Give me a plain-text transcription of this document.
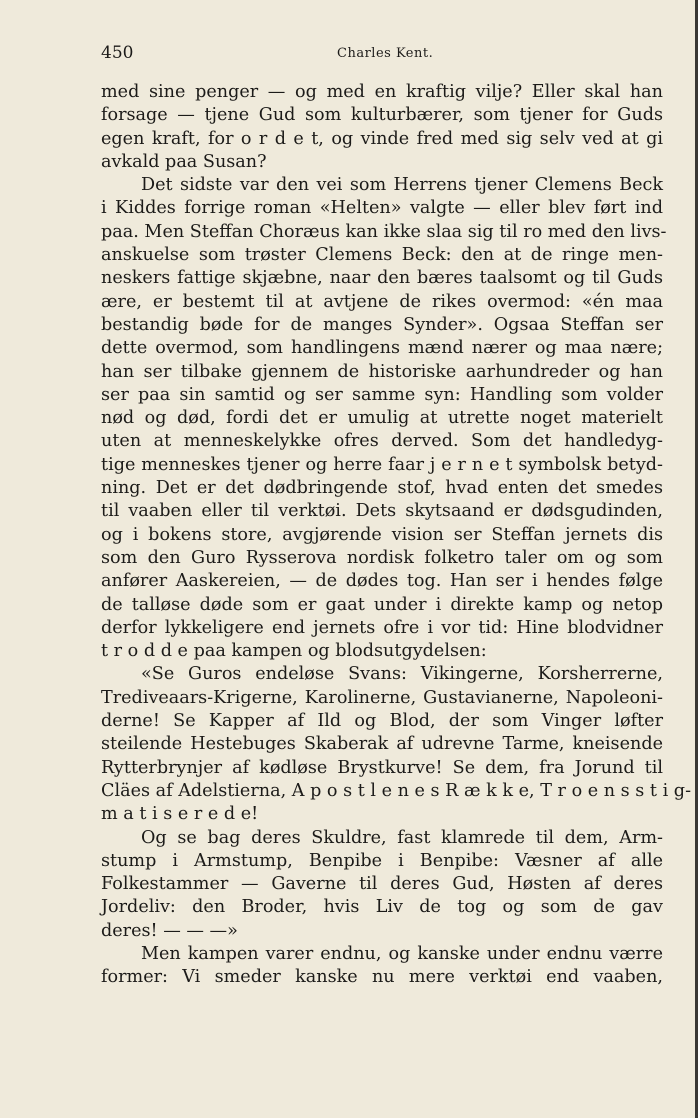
450	Charles Kent.
med sine penger — og med en kraftig vilje? Eller skal han
forsage — tjene Gud som kulturbærer, som tjener for Guds
egen kraft, for o r d e t, og vinde fred med sig selv ved at gi
avkald paa Susan?
Det sidste var den vei som Herrens tjener Clemens Beck
i Kiddes forrige roman «Helten» valgte — eller blev ført ind
paa. Men Steffan Choræus kan ikke slaa sig til ro med den livs-
anskuelse som trøster Clemens Beck: den at de ringe men-
neskers fattige skjæbne, naar den bæres taalsomt og til Guds
ære, er bestemt til at avtjene de rikes overmod: «én maa
bestandig bøde for de manges Synder». Ogsaa Steffan ser
dette overmod, som handlingens mænd nærer og maa nære;
han ser tilbake gjennem de historiske aarhundreder og han
ser paa sin samtid og ser samme syn: Handling som volder
nød og død, fordi det er umulig at utrette noget materielt
uten at menneskelykke ofres derved. Som det handledyg-
tige menneskes tjener og herre faar j e r n e t symbolsk betyd-
ning. Det er det dødbringende stof, hvad enten det smedes
til vaaben eller til verktøi. Dets skytsaand er dødsgudinden,
og i bokens store, avgjørende vision ser Steffan jernets dis
som den Guro Rysserova nordisk folketro taler om og som
anfører Aaskereien, — de dødes tog. Han ser i hendes følge
de talløse døde som er gaat under i direkte kamp og netop
derfor lykkeligere end jernets ofre i vor tid: Hine blodvidner
t r o d d e paa kampen og blodsutgydelsen:
«Se Guros endeløse Svans: Vikingerne, Korsherrerne,
Trediveaars-Krigerne, Karolinerne, Gustavianerne, Napoleoni-
derne! Se Kapper af Ild og Blod, der som Vinger løfter
steilende Hestebuges Skaberak af udrevne Tarme, kneisende
Rytterbrynjer af kødløse Brystkurve! Se dem, fra Jorund til
Cläes af Adelstierna, A p o s t l e n e s R æ k k e, T r o e n s s t i g-
m a t i s e r e d e!
Og se bag deres Skuldre, fast klamrede til dem, Arm-
stump i Armstump, Benpibe i Benpibe: Væsner af alle
Folkestammer — Gaverne til deres Gud, Høsten af deres
Jordeliv: den Broder, hvis Liv de tog og som de gav
deres! — — —»
Men kampen varer endnu, og kanske under endnu værre
former: Vi smeder kanske nu mere verktøi end vaaben,
